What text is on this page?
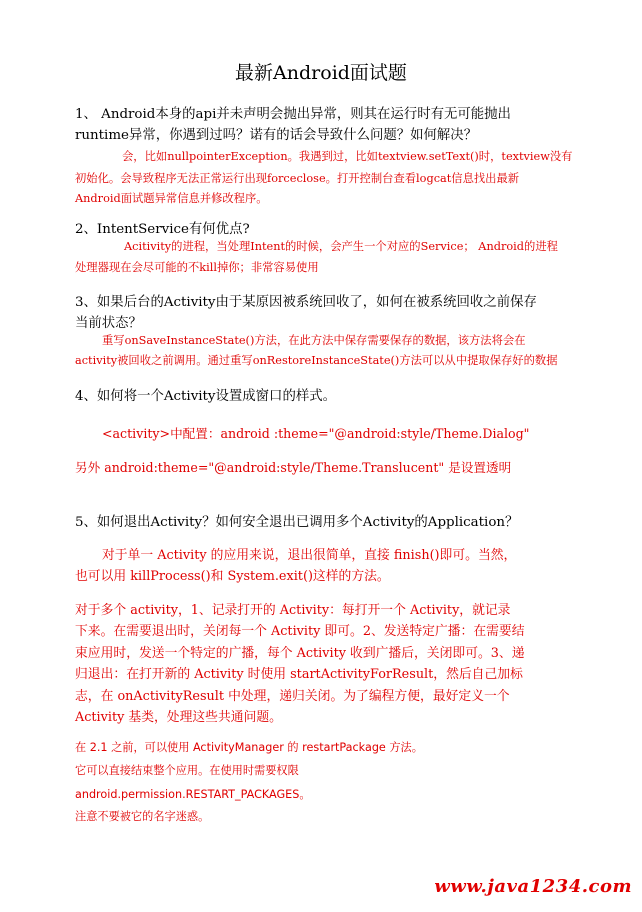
最新Android面试题
1、 Android本身的api并未声明会抛出异常，则其在运行时有无可能抛出
runtime异常，你遇到过吗？诺有的话会导致什么问题？如何解决？
会，比如nullpointerException。我遇到过，比如textview.setText()时，textview没有
初始化。会导致程序无法正常运行出现forceclose。打开控制台查看logcat信息找出最新
Android面试题异常信息并修改程序。
2、IntentService有何优点?
Acitivity的进程，当处理Intent的时候，会产生一个对应的Service； Android的进程
处理器现在会尽可能的不kill掉你；非常容易使用
3、如果后台的Activity由于某原因被系统回收了，如何在被系统回收之前保存
当前状态？
重写onSaveInstanceState()方法，在此方法中保存需要保存的数据，该方法将会在
activity被回收之前调用。通过重写onRestoreInstanceState()方法可以从中提取保存好的数据
4、如何将一个Activity设置成窗口的样式。
<activity>中配置：android :theme="@android:style/Theme.Dialog"
另外 android:theme="@android:style/Theme.Translucent" 是设置透明
5、如何退出Activity？如何安全退出已调用多个Activity的Application？
对于单一 Activity 的应用来说，退出很简单，直接 finish()即可。当然，
也可以用 killProcess()和 System.exit()这样的方法。
对于多个 activity，1、记录打开的 Activity：每打开一个 Activity，就记录
下来。在需要退出时，关闭每一个 Activity 即可。2、发送特定广播：在需要结
束应用时，发送一个特定的广播，每个 Activity 收到广播后，关闭即可。3、递
归退出：在打开新的 Activity 时使用 startActivityForResult，然后自己加标
志，在 onActivityResult 中处理，递归关闭。为了编程方便，最好定义一个
Activity 基类，处理这些共通问题。
在 2.1 之前，可以使用 ActivityManager 的 restartPackage 方法。
它可以直接结束整个应用。在使用时需要权限
android.permission.RESTART_PACKAGES。
注意不要被它的名字迷惑。
www.java1234.com
